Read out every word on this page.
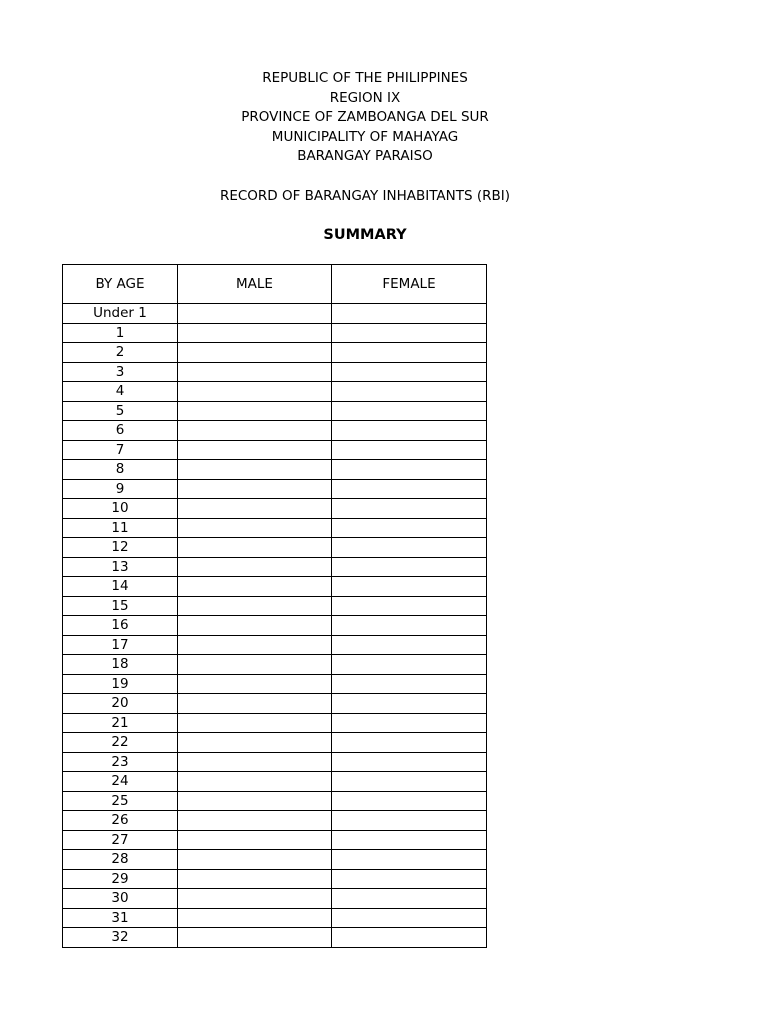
REPUBLIC OF THE PHILIPPINES
REGION IX
PROVINCE OF ZAMBOANGA DEL SUR
MUNICIPALITY OF MAHAYAG
BARANGAY PARAISO
RECORD OF BARANGAY INHABITANTS (RBI)
SUMMARY
BY AGE	MALE	FEMALE
Under 1		
1		
2		
3		
4		
5		
6		
7		
8		
9		
10		
11		
12		
13		
14		
15		
16		
17		
18		
19		
20		
21		
22		
23		
24		
25		
26		
27		
28		
29		
30		
31		
32		
